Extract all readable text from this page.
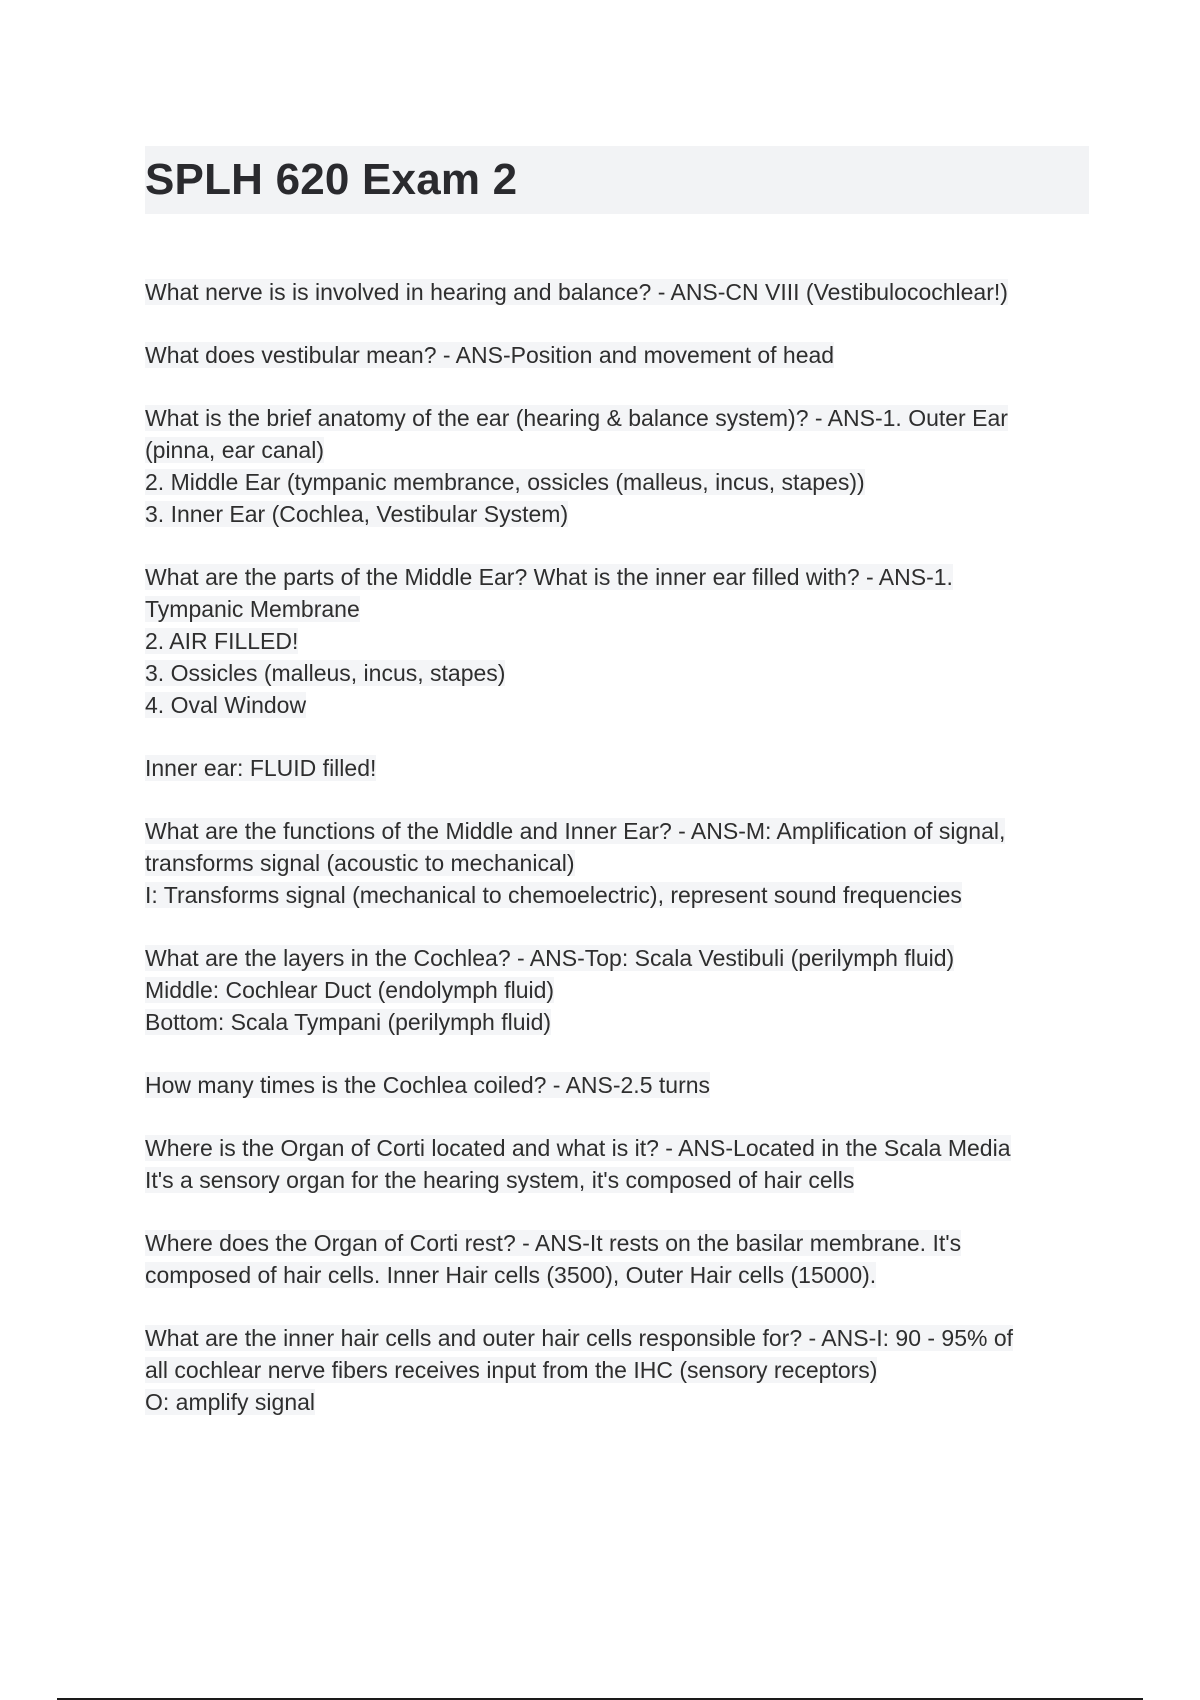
SPLH 620 Exam 2
What nerve is is involved in hearing and balance? - ANS-CN VIII (Vestibulocochlear!)
What does vestibular mean? - ANS-Position and movement of head
What is the brief anatomy of the ear (hearing & balance system)? - ANS-1. Outer Ear
(pinna, ear canal)
2. Middle Ear (tympanic membrance, ossicles (malleus, incus, stapes))
3. Inner Ear (Cochlea, Vestibular System)
What are the parts of the Middle Ear? What is the inner ear filled with? - ANS-1.
Tympanic Membrane
2. AIR FILLED!
3. Ossicles (malleus, incus, stapes)
4. Oval Window
Inner ear: FLUID filled!
What are the functions of the Middle and Inner Ear? - ANS-M: Amplification of signal,
transforms signal (acoustic to mechanical)
I: Transforms signal (mechanical to chemoelectric), represent sound frequencies
What are the layers in the Cochlea? - ANS-Top: Scala Vestibuli (perilymph fluid)
Middle: Cochlear Duct (endolymph fluid)
Bottom: Scala Tympani (perilymph fluid)
How many times is the Cochlea coiled? - ANS-2.5 turns
Where is the Organ of Corti located and what is it? - ANS-Located in the Scala Media
It's a sensory organ for the hearing system, it's composed of hair cells
Where does the Organ of Corti rest? - ANS-It rests on the basilar membrane. It's
composed of hair cells. Inner Hair cells (3500), Outer Hair cells (15000).
What are the inner hair cells and outer hair cells responsible for? - ANS-I: 90 - 95% of
all cochlear nerve fibers receives input from the IHC (sensory receptors)
O: amplify signal
